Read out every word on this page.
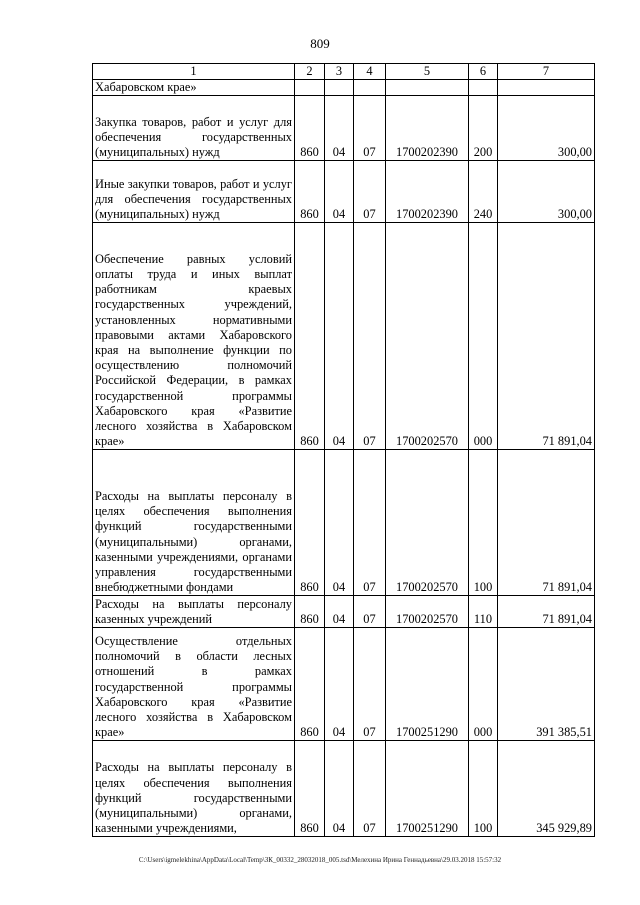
809
1	2	3	4	5	6	7
Хабаровском крае»						
Закупка товаров, работ и услуг для обеспечения государственных (муниципальных) нужд	860	04	07	1700202390	200	300,00
Иные закупки товаров, работ и услуг для обеспечения государственных (муниципальных) нужд	860	04	07	1700202390	240	300,00
Обеспечение равных условий оплаты труда и иных выплат работникам краевых государственных учреждений, установленных нормативными правовыми актами Хабаровского края на выполнение функции по осуществлению полномочий Российской Федерации, в рамках государственной программы Хабаровского края «Развитие лесного хозяйства в Хабаровском крае»	860	04	07	1700202570	000	71 891,04
Расходы на выплаты персоналу в целях обеспечения выполнения функций государственными (муниципальными) органами, казенными учреждениями, органами управления государственными внебюджетными фондами	860	04	07	1700202570	100	71 891,04
Расходы на выплаты персоналу казенных учреждений	860	04	07	1700202570	110	71 891,04
Осуществление отдельных полномочий в области лесных отношений в рамках государственной программы Хабаровского края «Развитие лесного хозяйства в Хабаровском крае»	860	04	07	1700251290	000	391 385,51
Расходы на выплаты персоналу в целях обеспечения выполнения функций государственными (муниципальными) органами, казенными учреждениями,	860	04	07	1700251290	100	345 929,89
C:\Users\igmelekhina\AppData\Local\Temp\ЗК_00332_28032018_005.tsd\Мелехина Ирина Геннадьевна\29.03.2018 15:57:32
